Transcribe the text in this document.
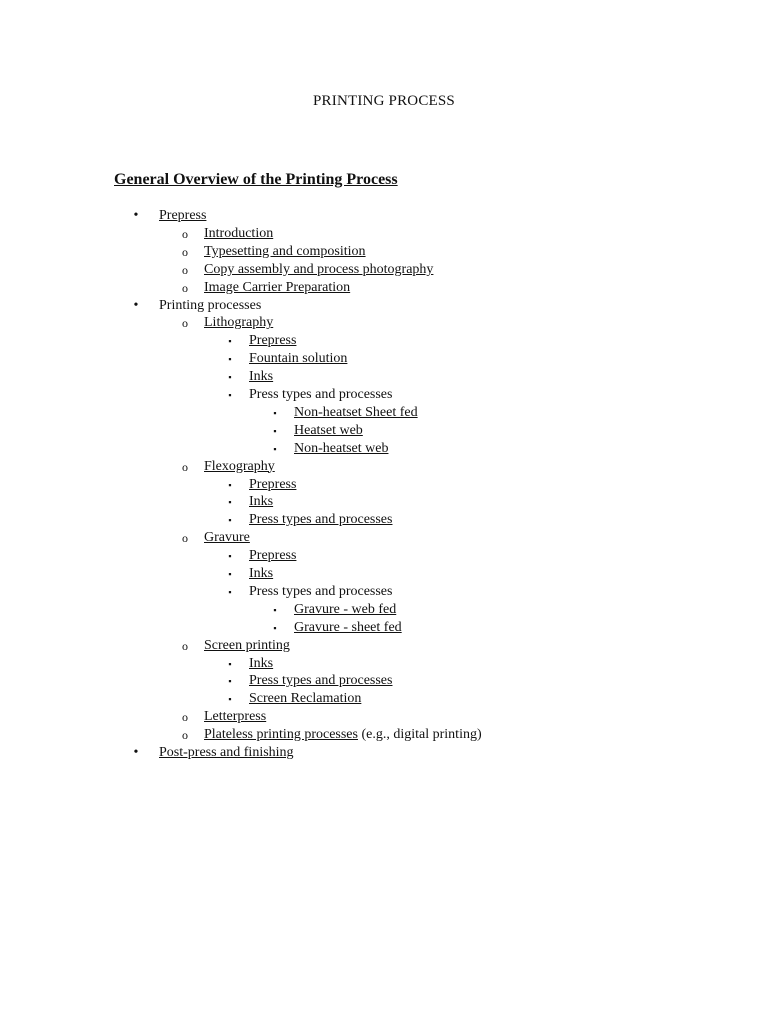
PRINTING PROCESS
General Overview of the Printing Process
•	Prepress
o Introduction
o Typesetting and composition
o Copy assembly and process photography
o Image Carrier Preparation
•	Printing processes
o Lithography
▪	Prepress
▪	Fountain solution
▪	Inks
▪	Press types and processes
▪	Non-heatset Sheet fed
▪	Heatset web
▪	Non-heatset web
o Flexography
▪	Prepress
▪	Inks
▪	Press types and processes
o Gravure
▪	Prepress
▪	Inks
▪	Press types and processes
▪	Gravure - web fed
▪	Gravure - sheet fed
o Screen printing
▪	Inks
▪	Press types and processes
▪	Screen Reclamation
o Letterpress
o Plateless printing processes (e.g., digital printing)
•	Post-press and finishing
